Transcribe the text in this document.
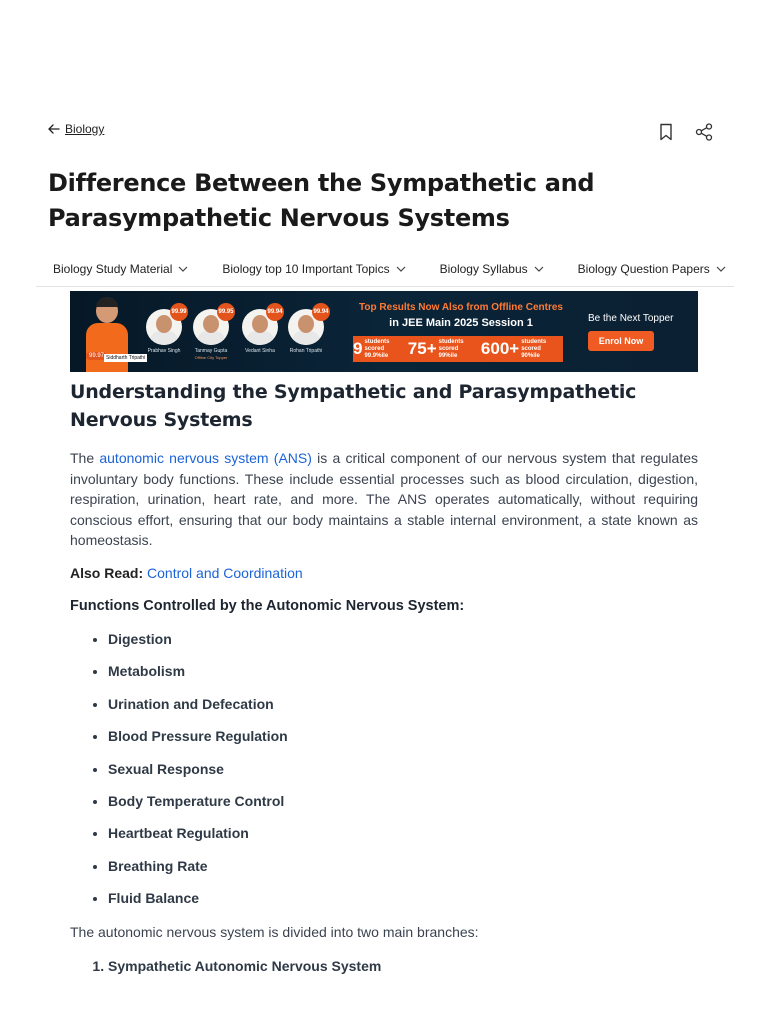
Biology
Difference Between the Sympathetic and Parasympathetic Nervous Systems
Biology Study Material	Biology top 10 Important Topics	Biology Syllabus	Biology Question Papers
99.97 Siddharth Tripathi
99.99
Prabhav Singh
99.95
Tanmay Gupta
Offline City Topper
99.94
Vedant Sinha
99.94
Rohan Tripathi
Top Results Now Also from Offline Centres
in JEE Main 2025 Session 1
9 students scored
99.9%ile	75+ students scored
99%ile	600+ students scored
90%ile
Be the Next Topper
Enrol Now
Understanding the Sympathetic and Parasympathetic Nervous Systems

The autonomic nervous system (ANS) is a critical component of our nervous system that regulates involuntary body functions. These include essential processes such as blood circulation, digestion, respiration, urination, heart rate, and more. The ANS operates automatically, without requiring conscious effort, ensuring that our body maintains a stable internal environment, a state known as homeostasis.

Also Read: Control and Coordination

Functions Controlled by the Autonomic Nervous System:

• Digestion
• Metabolism
• Urination and Defecation
• Blood Pressure Regulation
• Sexual Response
• Body Temperature Control
• Heartbeat Regulation
• Breathing Rate
• Fluid Balance

The autonomic nervous system is divided into two main branches:

1. Sympathetic Autonomic Nervous System
